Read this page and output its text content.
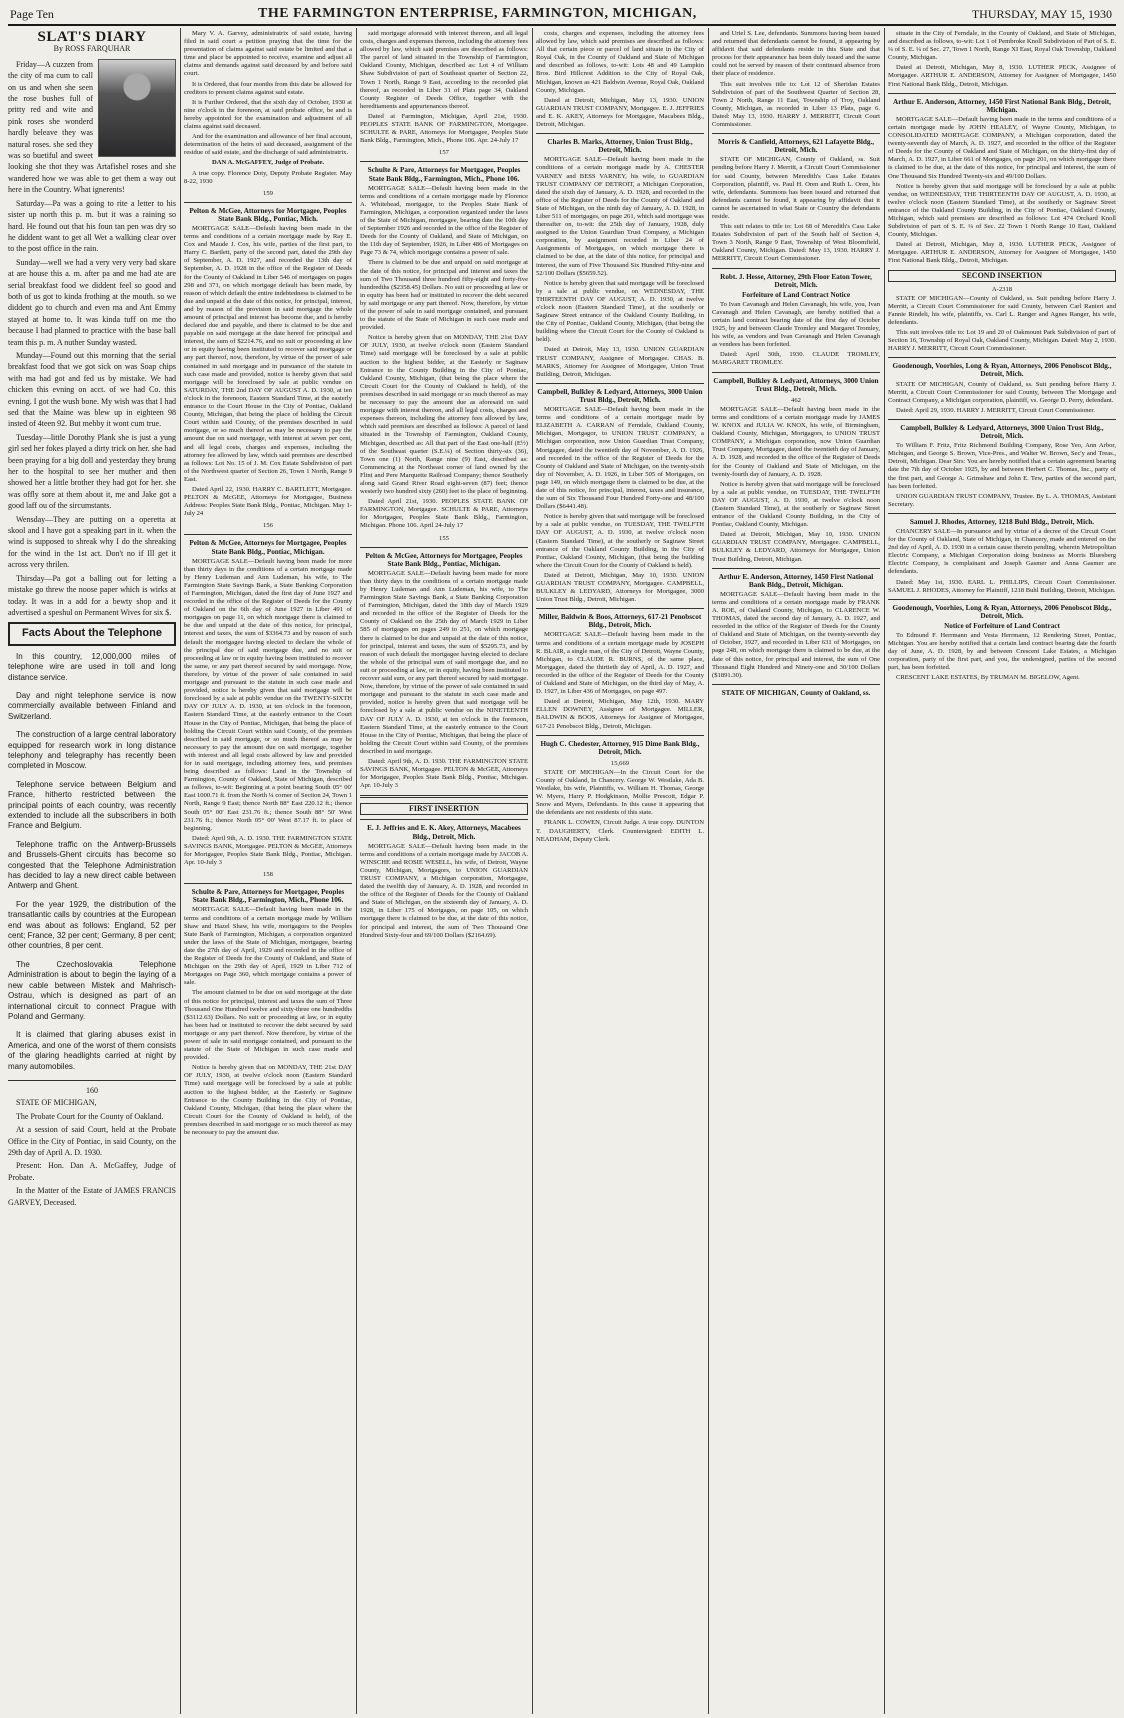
Page Ten	THE FARMINGTON ENTERPRISE, FARMINGTON, MICHIGAN,	THURSDAY, MAY 15, 1930
SLAT'S DIARY
By ROSS FARQUHAR

Friday—A cuzzen from the city of ma cum to call on us and when she seen the rose bushes full of pritty red and wite and pink roses she wonderd hardly beleave they was natural roses. she sed they was so buetiful and sweet looking she thot they was Artafishel roses and she wandered how we was able to get them a way out here in the Country. What ignerents!

Saturday—Pa was a going to rite a letter to his sister up north this p. m. but it was a raining so hard. He found out that his foun tan pen was dry so he diddent want to get all Wet a walking clear over to the post office in the rain.

Sunday—well we had a very very very bad skare at are house this a. m. after pa and me had ate are serial breakfast food we diddent feel so good and both of us got to kinda frothing at the mouth. so we diddent go to church and even ma and Ant Emmy stayed at home to. It was kinda tuff on me tho because I had planned to practice with the base ball team this p. m. A nuther Sunday wasted.

Munday—Found out this morning that the serial breakfast food that we got sick on was Soap chips with ma had got and fed us by mistake. We had chicken this evning on acct. of we had Co. this evning. I got the wush bone. My wish was that I had sed that the Maine was blew up in eighteen 98 insted of 4teen 92. But mebby it wont cum true.

Tuesday—little Dorothy Plank she is just a yung girl sed her fokes played a dirty trick on her. she had been praying for a big doll and yesterday they brung her to the hospital to see her muther and then showed her a little brother they had got for her. she was offly sore at them about it, me and Jake got a good laff ou of the sircumstants.

Wensday—They are putting on a operetta at skool and I have got a speaking part in it. when the wind is supposed to shreak why I do the shreaking for the wind in the 1st act. Don't no if Ill get it across very thrilen.

Thirsday—Pa got a balling out for letting a mistake go threw the noose paper which is wirks at today. It was in a add for a bewty shop and it advertised a speshul on Permanent Wives for six $.

Facts About the Telephone

In this country, 12,000,000 miles of telephone wire are used in toll and long distance service.

Day and night telephone service is now commercially available between Finland and Switzerland.

The construction of a large central laboratory equipped for research work in long distance telephony and telegraphy has recently been completed in Moscow.

Telephone service between Belgium and France, hitherto restricted between the principal points of each country, was recently extended to include all the subscribers in both France and Belgium.

Telephone traffic on the Antwerp-Brussels and Brussels-Ghent circuits has become so congested that the Telephone Administration has decided to lay a new direct cable between Antwerp and Ghent.

For the year 1929, the distribution of the transatlantic calls by countries at the European end was about as follows: England, 52 per cent; France, 32 per cent; Germany, 8 per cent; other countries, 8 per cent.

The Czechoslovakia Telephone Administration is about to begin the laying of a new cable between Mistek and Mahrisch-Ostrau, which is designed as part of an international circuit to connect Prague with Poland and Germany.

It is claimed that glaring abuses exist in America, and one of the worst of them consists of the glaring headlights carried at night by many automobiles.

160

STATE OF MICHIGAN,

The Probate Court for the County of Oakland.

At a session of said Court, held at the Probate Office in the City of Pontiac, in said County, on the 29th day of April A. D. 1930.

Present: Hon. Dan A. McGaffey, Judge of Probate.

In the Matter of the Estate of JAMES FRANCIS GARVEY, Deceased.

Mary V. A. Garvey, administratrix of said estate, having filed in said court a petition praying that the time for the presentation of claims against said estate be limited and that a time and place be appointed to receive, examine and adjust all claims and demands against said deceased by and before said court.

It is Ordered, that four months from this date be allowed for creditors to present claims against said estate.

It is Further Ordered, that the sixth day of October, 1930 at nine o'clock in the forenoon, at said probate office, be and is hereby appointed for the examination and adjustment of all claims against said deceased.

And for the examination and allowance of her final account, determination of the heirs of said deceased, assignment of the residue of said estate, and the discharge of said administratrix.

DAN A. McGAFFEY, Judge of Probate.

A true copy. Florence Doty, Deputy Probate Register. May 8-22, 1930

159

Pelton & McGee, Attorneys for Mortgagee, Peoples State Bank Bldg., Pontiac, Mich.

MORTGAGE SALE—Default having been made in the terms and conditions of a certain mortgage made by Ray E. Cox and Maude J. Cox, his wife, parties of the first part, to Harry C. Bartlett, party of the second part, dated the 29th day of September, A. D. 1927, and recorded the 13th day of September, A. D. 1928 in the office of the Register of Deeds for the County of Oakland in Liber 546 of mortgages on pages 298 and 371, on which mortgage default has been made, by reason of which default the entire indebtedness is claimed to be due and unpaid at the date of this notice, for principal, interest, and by reason of the provision in said mortgage the whole amount of principal and interest has become due, and is hereby declared due and payable, and there is claimed to be due and payable on said mortgage at the date hereof for principal and interest, the sum of $2214.76, and no suit or proceeding at law or in equity having been instituted to recover said mortgage or any part thereof, now, therefore, by virtue of the power of sale contained in said mortgage and in pursuance of the statute in such case made and provided, notice is hereby given that said mortgage will be foreclosed by sale at public vendue on SATURDAY, THE 2nd DAY OF AUGUST A. D. 1930, at ten o'clock in the forenoon, Eastern Standard Time, at the easterly entrance to the Court House in the City of Pontiac, Oakland County, Michigan, that being the place of holding the Circuit Court within said County, of the premises described in said mortgage, or so much thereof as may be necessary to pay the amount due on said mortgage, with interest at seven per cent, and all legal costs, charges and expenses, including the attorney fee allowed by law, which said premises are described as follows: Lot No. 15 of J. M. Cox Estate Subdivision of part of the Northwest quarter of Section 26, Town 1 North, Range 9 East.

Dated April 22, 1930. HARRY C. BARTLETT, Mortgagee. PELTON & McGEE, Attorneys for Mortgagee, Business Address: Peoples State Bank Bldg., Pontiac, Michigan. May 1-July 24

156

Pelton & McGee, Attorneys for Mortgagee, Peoples State Bank Bldg., Pontiac, Michigan.

MORTGAGE SALE—Default having been made for more than thirty days in the conditions of a certain mortgage made by Henry Ludeman and Ann Ludeman, his wife, to The Farmington State Savings Bank, a State Banking Corporation of Farmington, Michigan, dated the first day of June 1927 and recorded in the office of the Register of Deeds for the County of Oakland on the 6th day of June 1927 in Liber 491 of mortgages on page 11, on which mortgage there is claimed to be due and unpaid at the date of this notice, for principal, interest and taxes, the sum of $3364.73 and by reason of such default the mortgagee having elected to declare the whole of the principal due of said mortgage due, and no suit or proceeding at law or in equity having been instituted to recover the same, or any part thereof secured by said mortgage. Now, therefore, by virtue of the power of sale contained in said mortgage and pursuant to the statute in such case made and provided, notice is hereby given that said mortgage will be foreclosed by a sale at public vendue on the TWENTY-SIXTH DAY OF JULY A. D. 1930, at ten o'clock in the forenoon, Eastern Standard Time, at the easterly entrance to the Court House in the City of Pontiac, Michigan, that being the place of holding the Circuit Court within said County, of the premises described in said mortgage, or so much thereof as may be necessary to pay the amount due on said mortgage, together with interest and all legal costs allowed by law and provided for in said mortgage, including attorney fees, said premises being described as follows: Land in the Township of Farmington, County of Oakland, State of Michigan, described as follows, to-wit: Beginning at a point bearing South 05° 00' East 1000.71 ft. from the North ¼ corner of Section 24, Town 1 North, Range 9 East; thence North 88° East 220.12 ft.; thence South 05° 00' East 231.76 ft.; thence South 88° 50' West 231.76 ft.; thence North 05° 00' West 87.17 ft. to place of beginning.

Dated: April 9th, A. D. 1930. THE FARMINGTON STATE SAVINGS BANK, Mortgagee. PELTON & McGEE, Attorneys for Mortgagee, Peoples State Bank Bldg., Pontiac, Michigan. Apr. 10-July 3

158

Schulte & Pare, Attorneys for Mortgagee, Peoples State Bank Bldg., Farmington, Mich., Phone 106.

MORTGAGE SALE—Default having been made in the terms and conditions of a certain mortgage made by William Shaw and Hazel Shaw, his wife, mortgagors to the Peoples State Bank of Farmington, Michigan, a corporation organized under the laws of the State of Michigan, mortgagee, bearing date the 27th day of April, 1929 and recorded in the office of the Register of Deeds for the County of Oakland, and State of Michigan on the 29th day of April, 1929 in Liber 712 of Mortgages on Page 360, which mortgage contains a power of sale.

The amount claimed to be due on said mortgage at the date of this notice for principal, interest and taxes the sum of Three Thousand One Hundred twelve and sixty-three one hundredths ($3112.63) Dollars. No suit or proceeding at law, or in equity has been had or instituted to recover the debt secured by said mortgage or any part thereof. Now therefore, by virtue of the power of sale in said mortgage contained, and pursuant to the statute of the State of Michigan in such case made and provided.

Notice is hereby given that on MONDAY, THE 21st DAY OF JULY, 1930, at twelve o'clock noon (Eastern Standard Time) said mortgage will be foreclosed by a sale at public auction to the highest bidder, at the Easterly or Saginaw Entrance to the County Building in the City of Pontiac, Oakland County, Michigan, (that being the place where the Circuit Court for the County of Oakland is held), of the premises described in said mortgage or so much thereof as may be necessary to pay the amount due.

said mortgage aforesaid with interest thereon, and all legal costs, charges and expenses thereon, including the attorney fees allowed by law, which said premises are described as follows: The parcel of land situated in the Township of Farmington, Oakland County, Michigan, described as: Lot 4 of William Shaw Subdivision of part of Southeast quarter of Section 22, Town 1 North, Range 9 East, according to the recorded plat thereof, as recorded in Liber 31 of Plats page 34, Oakland County Register of Deeds Office, together with the hereditaments and appurtenances thereof.

Dated at Farmington, Michigan, April 21st, 1930. PEOPLES STATE BANK OF FARMINGTON, Mortgagee. SCHULTE & PARE, Attorneys for Mortgagee, Peoples State Bank Bldg., Farmington, Mich., Phone 106. Apr. 24-July 17

157

Schulte & Pare, Attorneys for Mortgagee, Peoples State Bank Bldg., Farmington, Mich., Phone 106.

MORTGAGE SALE—Default having been made in the terms and conditions of a certain mortgage made by Florence A. Whitehead, mortgagor, to the Peoples State Bank of Farmington, Michigan, a corporation organized under the laws of the State of Michigan, mortgagee, bearing date the 10th day of September 1926 and recorded in the office of the Register of Deeds for the County of Oakland, and State of Michigan, on the 11th day of September, 1926, in Liber 486 of Mortgages on Page 73 & 74, which mortgage contains a power of sale.

There is claimed to be due and unpaid on said mortgage at the date of this notice, for principal and interest and taxes the sum of Two Thousand three hundred fifty-eight and forty-five hundredths ($2358.45) Dollars. No suit or proceeding at law or in equity has been had or instituted to recover the debt secured by said mortgage or any part thereof. Now, therefore, by virtue of the power of sale in said mortgage contained, and pursuant to the statute of the State of Michigan in such case made and provided.

Notice is hereby given that on MONDAY, THE 21st DAY OF JULY, 1930, at twelve o'clock noon (Eastern Standard Time) said mortgage will be foreclosed by a sale at public auction to the highest bidder, at the Easterly or Saginaw Entrance to the County Building in the City of Pontiac, Oakland County, Michigan, (that being the place where the Circuit Court for the County of Oakland is held), of the premises described in said mortgage or so much thereof as may be necessary to pay the amount due as aforesaid on said mortgage with interest thereon, and all legal costs, charges and expenses thereon, including the attorney fees allowed by law, which said premises are described as follows: A parcel of land situated in the Township of Farmington, Oakland County, Michigan, described as: All that part of the East one-half (E½) of the Southeast quarter (S.E.¼) of Section thirty-six (36), Town one (1) North, Range nine (9) East, described as: Commencing at the Northeast corner of land owned by the Flint and Pere Marquette Railroad Company; thence Southerly along said Grand River Road eight-seven (87) feet; thence westerly two hundred sixty (260) feet to the place of beginning.

Dated April 21st, 1930. PEOPLES STATE BANK OF FARMINGTON, Mortgagee. SCHULTE & PARE, Attorneys for Mortgagee, Peoples State Bank Bldg., Farmington, Michigan. Phone 106. April 24-July 17

155

Pelton & McGee, Attorneys for Mortgagee, Peoples State Bank Bldg., Pontiac, Michigan.

MORTGAGE SALE—Default having been made for more than thirty days in the conditions of a certain mortgage made by Henry Ludeman and Ann Ludeman, his wife, to The Farmington State Savings Bank, a State Banking Corporation of Farmington, Michigan, dated the 18th day of March 1929 and recorded in the office of the Register of Deeds for the County of Oakland on the 25th day of March 1929 in Liber 585 of mortgages on pages 249 to 251, on which mortgage there is claimed to be due and unpaid at the date of this notice, for principal, interest and taxes, the sum of $5295.73, and by reason of such default the mortgagee having elected to declare the whole of the principal sum of said mortgage due, and no suit or proceeding at law, or in equity, having been instituted to recover said sum, or any part thereof secured by said mortgage. Now, therefore, by virtue of the power of sale contained in said mortgage and pursuant to the statute in such case made and provided, notice is hereby given that said mortgage will be foreclosed by a sale at public vendue on the NINETEENTH DAY OF JULY A. D. 1930, at ten o'clock in the forenoon, Eastern Standard Time, at the easterly entrance to the Court House in the City of Pontiac, Michigan, that being the place of holding the Circuit Court within said County, of the premises described in said mortgage.

Dated: April 9th, A. D. 1930. THE FARMINGTON STATE SAVINGS BANK, Mortgagee. PELTON & McGEE, Attorneys for Mortgagee, Peoples State Bank Bldg., Pontiac, Michigan. Apr. 10-July 3

FIRST INSERTION

E. J. Jeffries and E. K. Akey, Attorneys, Macabees Bldg., Detroit, Mich.

MORTGAGE SALE—Default having been made in the terms and conditions of a certain mortgage made by JACOB A. WINSCHE and ROSIE WESELL, his wife, of Detroit, Wayne County, Michigan, Mortgagors, to UNION GUARDIAN TRUST COMPANY, a Michigan corporation, Mortgagee, dated the twelfth day of January, A. D. 1928, and recorded in the office of the Register of Deeds for the County of Oakland and State of Michigan, on the sixteenth day of January, A. D. 1928, in Liber 175 of Mortgages, on page 105, on which mortgage there is claimed to be due, at the date of this notice, for principal and interest, the sum of Two Thousand One Hundred Sixty-four and 69/100 Dollars ($2164.69).

costs, charges and expenses, including the attorney fees allowed by law, which said premises are described as follows: All that certain piece or parcel of land situate in the City of Royal Oak, in the County of Oakland and State of Michigan and described as follows, to-wit: Lots 48 and 49 Lampkin Bros. Bird Hillcrest Addition to the City of Royal Oak, Michigan, known as 421 Baldwin Avenue, Royal Oak, Oakland County, Michigan.

Dated at Detroit, Michigan, May 13, 1930. UNION GUARDIAN TRUST COMPANY, Mortgagee. E. J. JEFFRIES and E. K. AKEY, Attorneys for Mortgagee, Macabees Bldg., Detroit, Michigan.

Charles B. Marks, Attorney, Union Trust Bldg., Detroit, Mich.

MORTGAGE SALE—Default having been made in the conditions of a certain mortgage made by A. CHESTER VARNEY and BESS VARNEY, his wife, to GUARDIAN TRUST COMPANY OF DETROIT, a Michigan Corporation, dated the sixth day of January, A. D. 1928, and recorded in the office of the Register of Deeds for the County of Oakland and State of Michigan, on the ninth day of January, A. D. 1928, in Liber 511 of mortgages, on page 261, which said mortgage was thereafter on, to-wit: the 25th day of January, 1928, duly assigned to the Union Guardian Trust Company, a Michigan corporation, by assignment recorded in Liber 24 of Assignments of Mortgages, on which mortgage there is claimed to be due, at the date of this notice, for principal and interest, the sum of Five Thousand Six Hundred Fifty-nine and 52/100 Dollars ($5659.52).

Notice is hereby given that said mortgage will be foreclosed by a sale at public vendue, on WEDNESDAY, THE THIRTEENTH DAY OF AUGUST, A. D. 1930, at twelve o'clock noon (Eastern Standard Time), at the southerly or Saginaw Street entrance of the Oakland County Building, in the City of Pontiac, Oakland County, Michigan, (that being the building where the Circuit Court for the County of Oakland is held).

Dated at Detroit, May 13, 1930. UNION GUARDIAN TRUST COMPANY, Assignee of Mortgagee. CHAS. B. MARKS, Attorney for Assignee of Mortgagee, Union Trust Building, Detroit, Michigan.

Campbell, Bulkley & Ledyard, Attorneys, 3000 Union Trust Bldg., Detroit, Mich.

MORTGAGE SALE—Default having been made in the terms and conditions of a certain mortgage made by ELIZABETH A. CARRAN of Ferndale, Oakland County, Michigan, Mortgagor, to UNION TRUST COMPANY, a Michigan corporation, now Union Guardian Trust Company, Mortgagee, dated the twentieth day of November, A. D. 1926, and recorded in the office of the Register of Deeds for the County of Oakland and State of Michigan, on the twenty-sixth day of November, A. D. 1926, in Liber 505 of Mortgages, on page 149, on which mortgage there is claimed to be due, at the date of this notice, for principal, interest, taxes and insurance, the sum of Six Thousand Four Hundred Forty-one and 48/100 Dollars ($6441.48).

Notice is hereby given that said mortgage will be foreclosed by a sale at public vendue, on TUESDAY, THE TWELFTH DAY OF AUGUST, A. D. 1930, at twelve o'clock noon (Eastern Standard Time), at the southerly or Saginaw Street entrance of the Oakland County Building, in the City of Pontiac, Oakland County, Michigan, (that being the building where the Circuit Court for the County of Oakland is held).

Dated at Detroit, Michigan, May 10, 1930. UNION GUARDIAN TRUST COMPANY, Mortgagee. CAMPBELL, BULKLEY & LEDYARD, Attorneys for Mortgagee, 3000 Union Trust Bldg., Detroit, Michigan.

Miller, Baldwin & Boos, Attorneys, 617-21 Penobscot Bldg., Detroit, Mich.

MORTGAGE SALE—Default having been made in the terms and conditions of a certain mortgage made by JOSEPH R. BLAIR, a single man, of the City of Detroit, Wayne County, Michigan, to CLAUDE R. BURNS, of the same place, Mortgagee, dated the thirtieth day of April, A. D. 1927, and recorded in the office of the Register of Deeds for the County of Oakland and State of Michigan, on the third day of May, A. D. 1927, in Liber 436 of Mortgages, on page 497.

Dated at Detroit, Michigan, May 12th, 1930. MARY ELLEN DOWNEY, Assignee of Mortgagee. MILLER, BALDWIN & BOOS, Attorneys for Assignee of Mortgagee, 617-21 Penobscot Bldg., Detroit, Michigan.

Hugh C. Chedester, Attorney, 915 Dime Bank Bldg., Detroit, Mich.

15,669

STATE OF MICHIGAN—In the Circuit Court for the County of Oakland, In Chancery. George W. Westlake, Ada B. Westlake, his wife, Plaintiffs, vs. William H. Thomas, George W. Myers, Harry P. Hodgkinson, Mollie Prescott, Edgar P. Snow and Myers, Defendants. In this cause it appearing that the defendants are not residents of this state.

FRANK L. COWEN, Circuit Judge. A true copy. DUNTON T. DAUGHERTY, Clerk. Countersigned: EDITH L. NEADHAM, Deputy Clerk.

and Uriel S. Lee, defendants. Summons having been issued and returned that defendants cannot be found, it appearing by affidavit that said defendants reside in this State and that process for their appearance has been duly issued and the same could not be served by reason of their continued absence from their place of residence.

This suit involves title to: Lot 12 of Sheridan Estates Subdivision of part of the Southwest Quarter of Section 28, Town 2 North, Range 11 East, Township of Troy, Oakland County, Michigan, as recorded in Liber 13 Plats, page 6. Dated: May 13, 1930. HARRY J. MERRITT, Circuit Court Commissioner.

Morris & Canfield, Attorneys, 621 Lafayette Bldg., Detroit, Mich.

STATE OF MICHIGAN, County of Oakland, ss. Suit pending before Harry J. Merritt, a Circuit Court Commissioner for said County, between Meredith's Cass Lake Estates Corporation, plaintiff, vs. Paul H. Oren and Ruth L. Oren, his wife, defendants. Summons has been issued and returned that defendants cannot be found, it appearing by affidavit that it cannot be ascertained in what State or Country the defendants reside.

This suit relates to title to: Lot 68 of Meredith's Cass Lake Estates Subdivision of part of the South half of Section 4, Town 3 North, Range 9 East, Township of West Bloomfield, Oakland County, Michigan. Dated: May 13, 1930. HARRY J. MERRITT, Circuit Court Commissioner.

Robt. J. Hesse, Attorney, 29th Floor Eaton Tower, Detroit, Mich.

Forfeiture of Land Contract Notice

To Ivan Cavanagh and Helen Cavanagh, his wife, you, Ivan Cavanagh and Helen Cavanagh, are hereby notified that a certain land contract bearing date of the first day of October 1925, by and between Claude Tromley and Margaret Tromley, his wife, as vendors and Ivan Cavanagh and Helen Cavanagh as vendees has been forfeited.

Dated: April 30th, 1930. CLAUDE TROMLEY, MARGARET TROMLEY.

Campbell, Bulkley & Ledyard, Attorneys, 3000 Union Trust Bldg., Detroit, Mich.

462

MORTGAGE SALE—Default having been made in the terms and conditions of a certain mortgage made by JAMES W. KNOX and JULIA W. KNOX, his wife, of Birmingham, Oakland County, Michigan, Mortgagors, to UNION TRUST COMPANY, a Michigan corporation, now Union Guardian Trust Company, Mortgagee, dated the twentieth day of January, A. D. 1928, and recorded in the office of the Register of Deeds for the County of Oakland and State of Michigan, on the twenty-fourth day of January, A. D. 1928.

Notice is hereby given that said mortgage will be foreclosed by a sale at public vendue, on TUESDAY, THE TWELFTH DAY OF AUGUST, A. D. 1930, at twelve o'clock noon (Eastern Standard Time), at the southerly or Saginaw Street entrance of the Oakland County Building, in the City of Pontiac, Oakland County, Michigan.

Dated at Detroit, Michigan, May 10, 1930. UNION GUARDIAN TRUST COMPANY, Mortgagee. CAMPBELL, BULKLEY & LEDYARD, Attorneys for Mortgagee, Union Trust Building, Detroit, Michigan.

Arthur E. Anderson, Attorney, 1450 First National Bank Bldg., Detroit, Michigan.

MORTGAGE SALE—Default having been made in the terms and conditions of a certain mortgage made by FRANK A. ROE, of Oakland County, Michigan, to CLARENCE W. THOMAS, dated the second day of January, A. D. 1927, and recorded in the office of the Register of Deeds for the County of Oakland and State of Michigan, on the twenty-seventh day of October, 1927, and recorded in Liber 631 of Mortgages, on page 248, on which mortgage there is claimed to be due, at the date of this notice, for principal and interest, the sum of One Thousand Eight Hundred and Ninety-one and 30/100 Dollars ($1891.30).

STATE OF MICHIGAN, County of Oakland, ss.

situate in the City of Ferndale, in the County of Oakland, and State of Michigan, and described as follows, to-wit: Lot 1 of Pembroke Knoll Subdivision of Part of S. E. ¼ of S. E. ¼ of Sec. 27, Town 1 North, Range XI East, Royal Oak Township, Oakland County, Michigan.

Dated at Detroit, Michigan, May 8, 1930. LUTHER PECK, Assignee of Mortgagee. ARTHUR E. ANDERSON, Attorney for Assignee of Mortgagee, 1450 First National Bank Bldg., Detroit, Michigan.

Arthur E. Anderson, Attorney, 1450 First National Bank Bldg., Detroit, Michigan.

MORTGAGE SALE—Default having been made in the terms and conditions of a certain mortgage made by JOHN HEALEY, of Wayne County, Michigan, to CONSOLIDATED MORTGAGE COMPANY, a Michigan corporation, dated the twenty-seventh day of March, A. D. 1927, and recorded in the office of the Register of Deeds for the County of Oakland and State of Michigan, on the thirty-first day of March, A. D. 1927, in Liber 661 of Mortgages, on page 201, on which mortgage there is claimed to be due, at the date of this notice, for principal and interest, the sum of One Thousand Six Hundred Twenty-six and 49/100 Dollars.

Notice is hereby given that said mortgage will be foreclosed by a sale at public vendue, on WEDNESDAY, THE THIRTEENTH DAY OF AUGUST, A. D. 1930, at twelve o'clock noon (Eastern Standard Time), at the southerly or Saginaw Street entrance of the Oakland County Building, in the City of Pontiac, Oakland County, Michigan, which said premises are described as follows: Lot 474 Orchard Knoll Subdivision of part of S. E. ¼ of Sec. 22 Town 1 North Range 10 East, Oakland County, Michigan.

Dated at Detroit, Michigan, May 8, 1930. LUTHER PECK, Assignee of Mortgagee. ARTHUR E. ANDERSON, Attorney for Assignee of Mortgagee, 1450 First National Bank Bldg., Detroit, Michigan.

SECOND INSERTION
A-2318

STATE OF MICHIGAN—County of Oakland, ss. Suit pending before Harry J. Merritt, a Circuit Court Commissioner for said County, between Carl Ranieri and Fannie Rindeli, his wife, plaintiffs, vs. Carl L. Ranger and Agnes Ranger, his wife, defendants.

This suit involves title to: Lot 19 and 20 of Oakmount Park Subdivision of part of Section 16, Township of Royal Oak, Oakland County, Michigan. Dated: May 2, 1930. HARRY J. MERRITT, Circuit Court Commissioner.

Goodenough, Voorhies, Long & Ryan, Attorneys, 2006 Penobscot Bldg., Detroit, Mich.

STATE OF MICHIGAN, County of Oakland, ss. Suit pending before Harry J. Merritt, a Circuit Court Commissioner for said County, between The Mortgage and Contract Company, a Michigan corporation, plaintiff, vs. George D. Perry, defendant.

Dated: April 29, 1930. HARRY J. MERRITT, Circuit Court Commissioner.

Campbell, Bulkley & Ledyard, Attorneys, 3000 Union Trust Bldg., Detroit, Mich.

To William F. Fritz, Fritz Richmond Building Company, Rose Yeo, Ann Arbor, Michigan, and George S. Brown, Vice-Pres., and Walter W. Brown, Sec'y and Treas., Detroit, Michigan. Dear Sirs: You are hereby notified that a certain agreement bearing date the 7th day of October 1925, by and between Herbert C. Thomas, Inc., party of the first part, and George A. Grimshaw and John E. Tew, parties of the second part, has been forfeited.

UNION GUARDIAN TRUST COMPANY, Trustee. By L. A. THOMAS, Assistant Secretary.

Samuel J. Rhodes, Attorney, 1218 Buhl Bldg., Detroit, Mich.

CHANCERY SALE—In pursuance and by virtue of a decree of the Circuit Court for the County of Oakland, State of Michigan, in Chancery, made and entered on the 2nd day of April, A. D. 1930 in a certain cause therein pending, wherein Metropolitan Electric Company, a Michigan Corporation doing business as Morris Bluesberg Electric Company, is complainant and Joseph Gasmer and Anna Gasmer are defendants.

Dated: May 1st, 1930. EARL L. PHILLIPS, Circuit Court Commissioner. SAMUEL J. RHODES, Attorney for Plaintiff, 1218 Buhl Building, Detroit, Michigan.

Goodenough, Voorhies, Long & Ryan, Attorneys, 2006 Penobscot Bldg., Detroit, Mich.

Notice of Forfeiture of Land Contract

To Edmund F. Herrmann and Vesta Herrmann, 12 Rendering Street, Pontiac, Michigan. You are hereby notified that a certain land contract bearing date the fourth day of June, A. D. 1928, by and between Crescent Lake Estates, a Michigan corporation, party of the first part, and you, the undersigned, parties of the second part, has been forfeited.

CRESCENT LAKE ESTATES, By TRUMAN M. BIGELOW, Agent.
